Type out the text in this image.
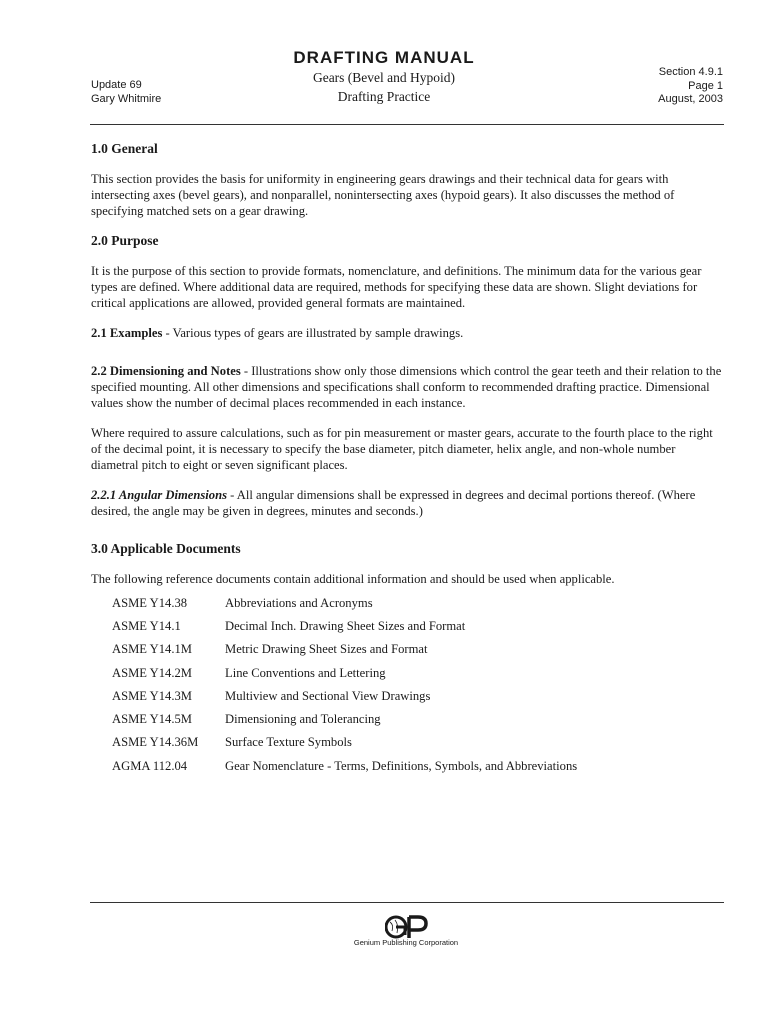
DRAFTING MANUAL
Gears (Bevel and Hypoid)
Drafting Practice
Update 69
Gary Whitmire
Section 4.9.1
Page 1
August, 2003
1.0 General

This section provides the basis for uniformity in engineering gears drawings and their technical data for gears with intersecting axes (bevel gears), and nonparallel, nonintersecting axes (hypoid gears). It also discusses the method of specifying matched sets on a gear drawing.

2.0 Purpose

It is the purpose of this section to provide formats, nomenclature, and definitions. The minimum data for the various gear types are defined. Where additional data are required, methods for specifying these data are shown. Slight deviations for critical applications are allowed, provided general formats are maintained.

2.1 Examples - Various types of gears are illustrated by sample drawings.

2.2 Dimensioning and Notes - Illustrations show only those dimensions which control the gear teeth and their relation to the specified mounting. All other dimensions and specifications shall conform to recommended drafting practice. Dimensional values show the number of decimal places recommended in each instance.

Where required to assure calculations, such as for pin measurement or master gears, accurate to the fourth place to the right of the decimal point, it is necessary to specify the base diameter, pitch diameter, helix angle, and non-whole number diametral pitch to eight or seven significant places.

2.2.1 Angular Dimensions - All angular dimensions shall be expressed in degrees and decimal portions thereof. (Where desired, the angle may be given in degrees, minutes and seconds.)

3.0 Applicable Documents

The following reference documents contain additional information and should be used when applicable.

ASME Y14.38	Abbreviations and Acronyms
ASME Y14.1	Decimal Inch. Drawing Sheet Sizes and Format
ASME Y14.1M	Metric Drawing Sheet Sizes and Format
ASME Y14.2M	Line Conventions and Lettering
ASME Y14.3M	Multiview and Sectional View Drawings
ASME Y14.5M	Dimensioning and Tolerancing
ASME Y14.36M	Surface Texture Symbols
AGMA 112.04	Gear Nomenclature - Terms, Definitions, Symbols, and Abbreviations
GP
Genium Publishing Corporation
